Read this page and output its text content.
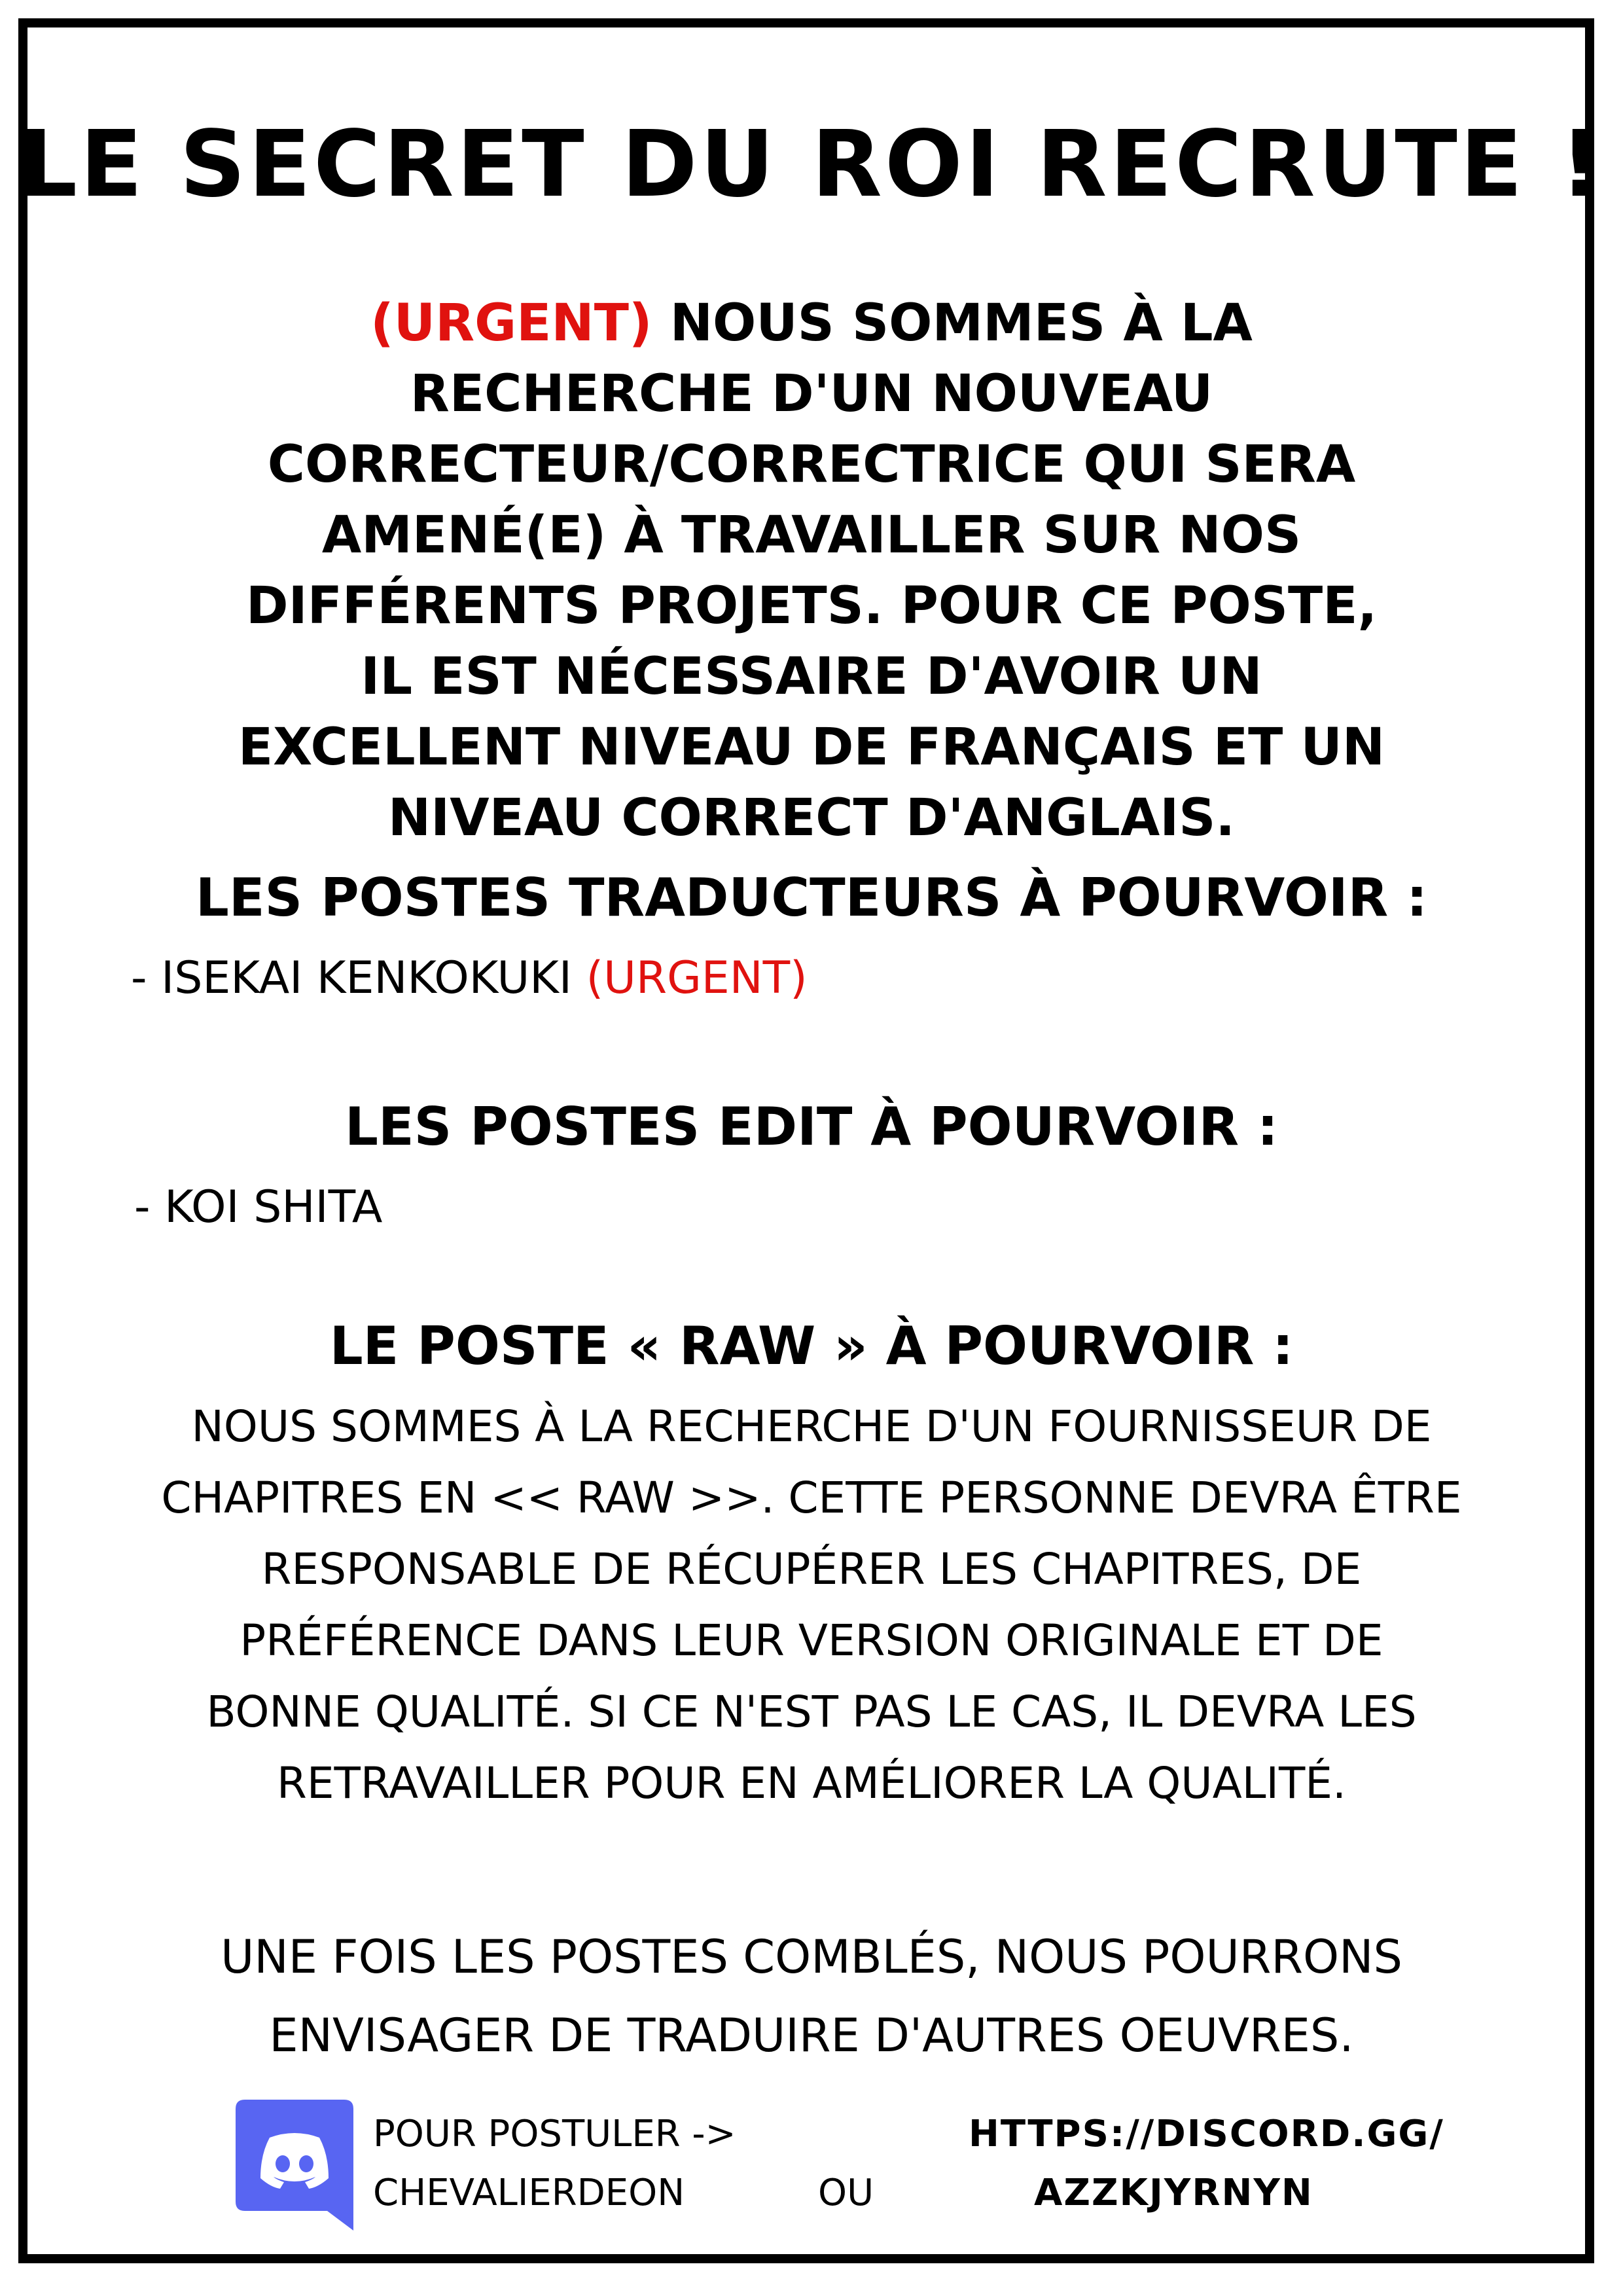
LE SECRET DU ROI RECRUTE !
(URGENT) NOUS SOMMES À LA RECHERCHE D'UN NOUVEAU CORRECTEUR/CORRECTRICE QUI SERA AMENÉ(E) À TRAVAILLER SUR NOS DIFFÉRENTS PROJETS. POUR CE POSTE, IL EST NÉCESSAIRE D'AVOIR UN EXCELLENT NIVEAU DE FRANÇAIS ET UN NIVEAU CORRECT D'ANGLAIS.
LES POSTES TRADUCTEURS À POURVOIR :
- ISEKAI KENKOKUKI (URGENT)
LES POSTES EDIT À POURVOIR :
- KOI SHITA
LE POSTE « RAW » À POURVOIR :
NOUS SOMMES À LA RECHERCHE D'UN FOURNISSEUR DE CHAPITRES EN << RAW >>. CETTE PERSONNE DEVRA ÊTRE RESPONSABLE DE RÉCUPÉRER LES CHAPITRES, DE PRÉFÉRENCE DANS LEUR VERSION ORIGINALE ET DE BONNE QUALITÉ. SI CE N'EST PAS LE CAS, IL DEVRA LES RETRAVAILLER POUR EN AMÉLIORER LA QUALITÉ.
UNE FOIS LES POSTES COMBLÉS, NOUS POURRONS ENVISAGER DE TRADUIRE D'AUTRES OEUVRES.
POUR POSTULER ->
CHEVALIERDEON	OU
HTTPS://DISCORD.GG/
AZZKJYRNYN
